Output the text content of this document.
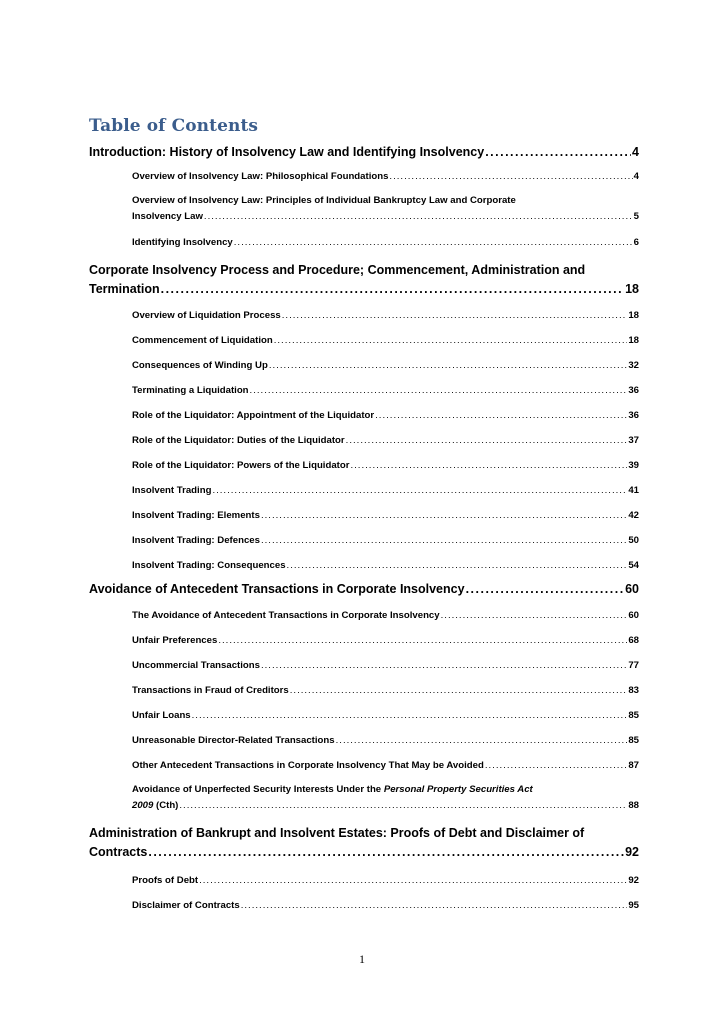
Table of Contents
Introduction: History of Insolvency Law and Identifying Insolvency .....	4
Overview of Insolvency Law: Philosophical Foundations .....	4
Overview of Insolvency Law: Principles of Individual Bankruptcy Law and Corporate
Insolvency Law .....	5
Identifying Insolvency .....	6
Corporate Insolvency Process and Procedure; Commencement, Administration and
Termination .....	18
Overview of Liquidation Process .....	18
Commencement of Liquidation .....	18
Consequences of Winding Up .....	32
Terminating a Liquidation .....	36
Role of the Liquidator: Appointment of the Liquidator .....	36
Role of the Liquidator: Duties of the Liquidator .....	37
Role of the Liquidator: Powers of the Liquidator .....	39
Insolvent Trading .....	41
Insolvent Trading: Elements .....	42
Insolvent Trading: Defences .....	50
Insolvent Trading: Consequences .....	54
Avoidance of Antecedent Transactions in Corporate Insolvency .....	60
The Avoidance of Antecedent Transactions in Corporate Insolvency .....	60
Unfair Preferences .....	68
Uncommercial Transactions .....	77
Transactions in Fraud of Creditors .....	83
Unfair Loans .....	85
Unreasonable Director-Related Transactions .....	85
Other Antecedent Transactions in Corporate Insolvency That May be Avoided .....	87
Avoidance of Unperfected Security Interests Under the Personal Property Securities Act
2009 (Cth) .....	88
Administration of Bankrupt and Insolvent Estates: Proofs of Debt and Disclaimer of
Contracts .....	92
Proofs of Debt .....	92
Disclaimer of Contracts .....	95
1
